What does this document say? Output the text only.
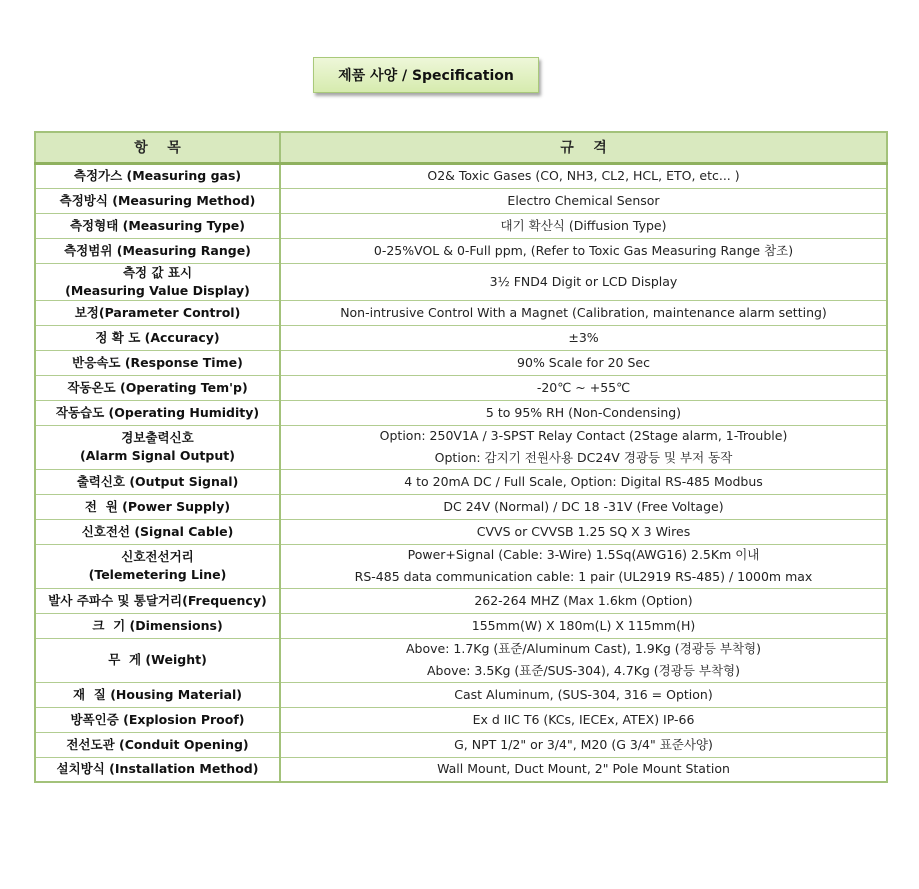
제품 사양 / Specification
항    목	규    격

측정가스 (Measuring gas)	O2& Toxic Gases (CO, NH3, CL2, HCL, ETO, etc... )

측정방식 (Measuring Method)	Electro Chemical Sensor

측정형태 (Measuring Type)	대기 확산식 (Diffusion Type)

측정범위 (Measuring Range)	0-25%VOL & 0-Full ppm, (Refer to Toxic Gas Measuring Range 참조)

측정 값 표시
(Measuring Value Display)	3½ FND4 Digit or LCD Display

보정(Parameter Control)	Non-intrusive Control With a Magnet (Calibration, maintenance alarm setting)

정 확 도 (Accuracy)	±3%

반응속도 (Response Time)	90% Scale for 20 Sec

작동온도 (Operating Tem'p)	-20℃ ~ +55℃

작동습도 (Operating Humidity)	5 to 95% RH (Non-Condensing)

경보출력신호
(Alarm Signal Output)	Option: 250V1A / 3-SPST Relay Contact (2Stage alarm, 1-Trouble)
Option: 감지기 전원사용 DC24V 경광등 및 부저 동작

출력신호 (Output Signal)	4 to 20mA DC / Full Scale, Option: Digital RS-485 Modbus

전  원 (Power Supply)	DC 24V (Normal) / DC 18 -31V (Free Voltage)

신호전선 (Signal Cable)	CVVS or CVVSB 1.25 SQ X 3 Wires

신호전선거리
(Telemetering Line)	Power+Signal (Cable: 3-Wire) 1.5Sq(AWG16) 2.5Km 이내
RS-485 data communication cable: 1 pair (UL2919 RS-485) / 1000m max

발사 주파수 및 통달거리(Frequency)	262-264 MHZ (Max 1.6km (Option)

크  기 (Dimensions)	155mm(W) X 180m(L) X 115mm(H)

무  게 (Weight)	Above: 1.7Kg (표준/Aluminum Cast), 1.9Kg (경광등 부착형)
Above: 3.5Kg (표준/SUS-304), 4.7Kg (경광등 부착형)

재  질 (Housing Material)	Cast Aluminum, (SUS-304, 316 = Option)

방폭인증 (Explosion Proof)	Ex d IIC T6 (KCs, IECEx, ATEX) IP-66

전선도관 (Conduit Opening)	G, NPT 1/2" or 3/4", M20 (G 3/4" 표준사양)

설치방식 (Installation Method)	Wall Mount, Duct Mount, 2" Pole Mount Station
